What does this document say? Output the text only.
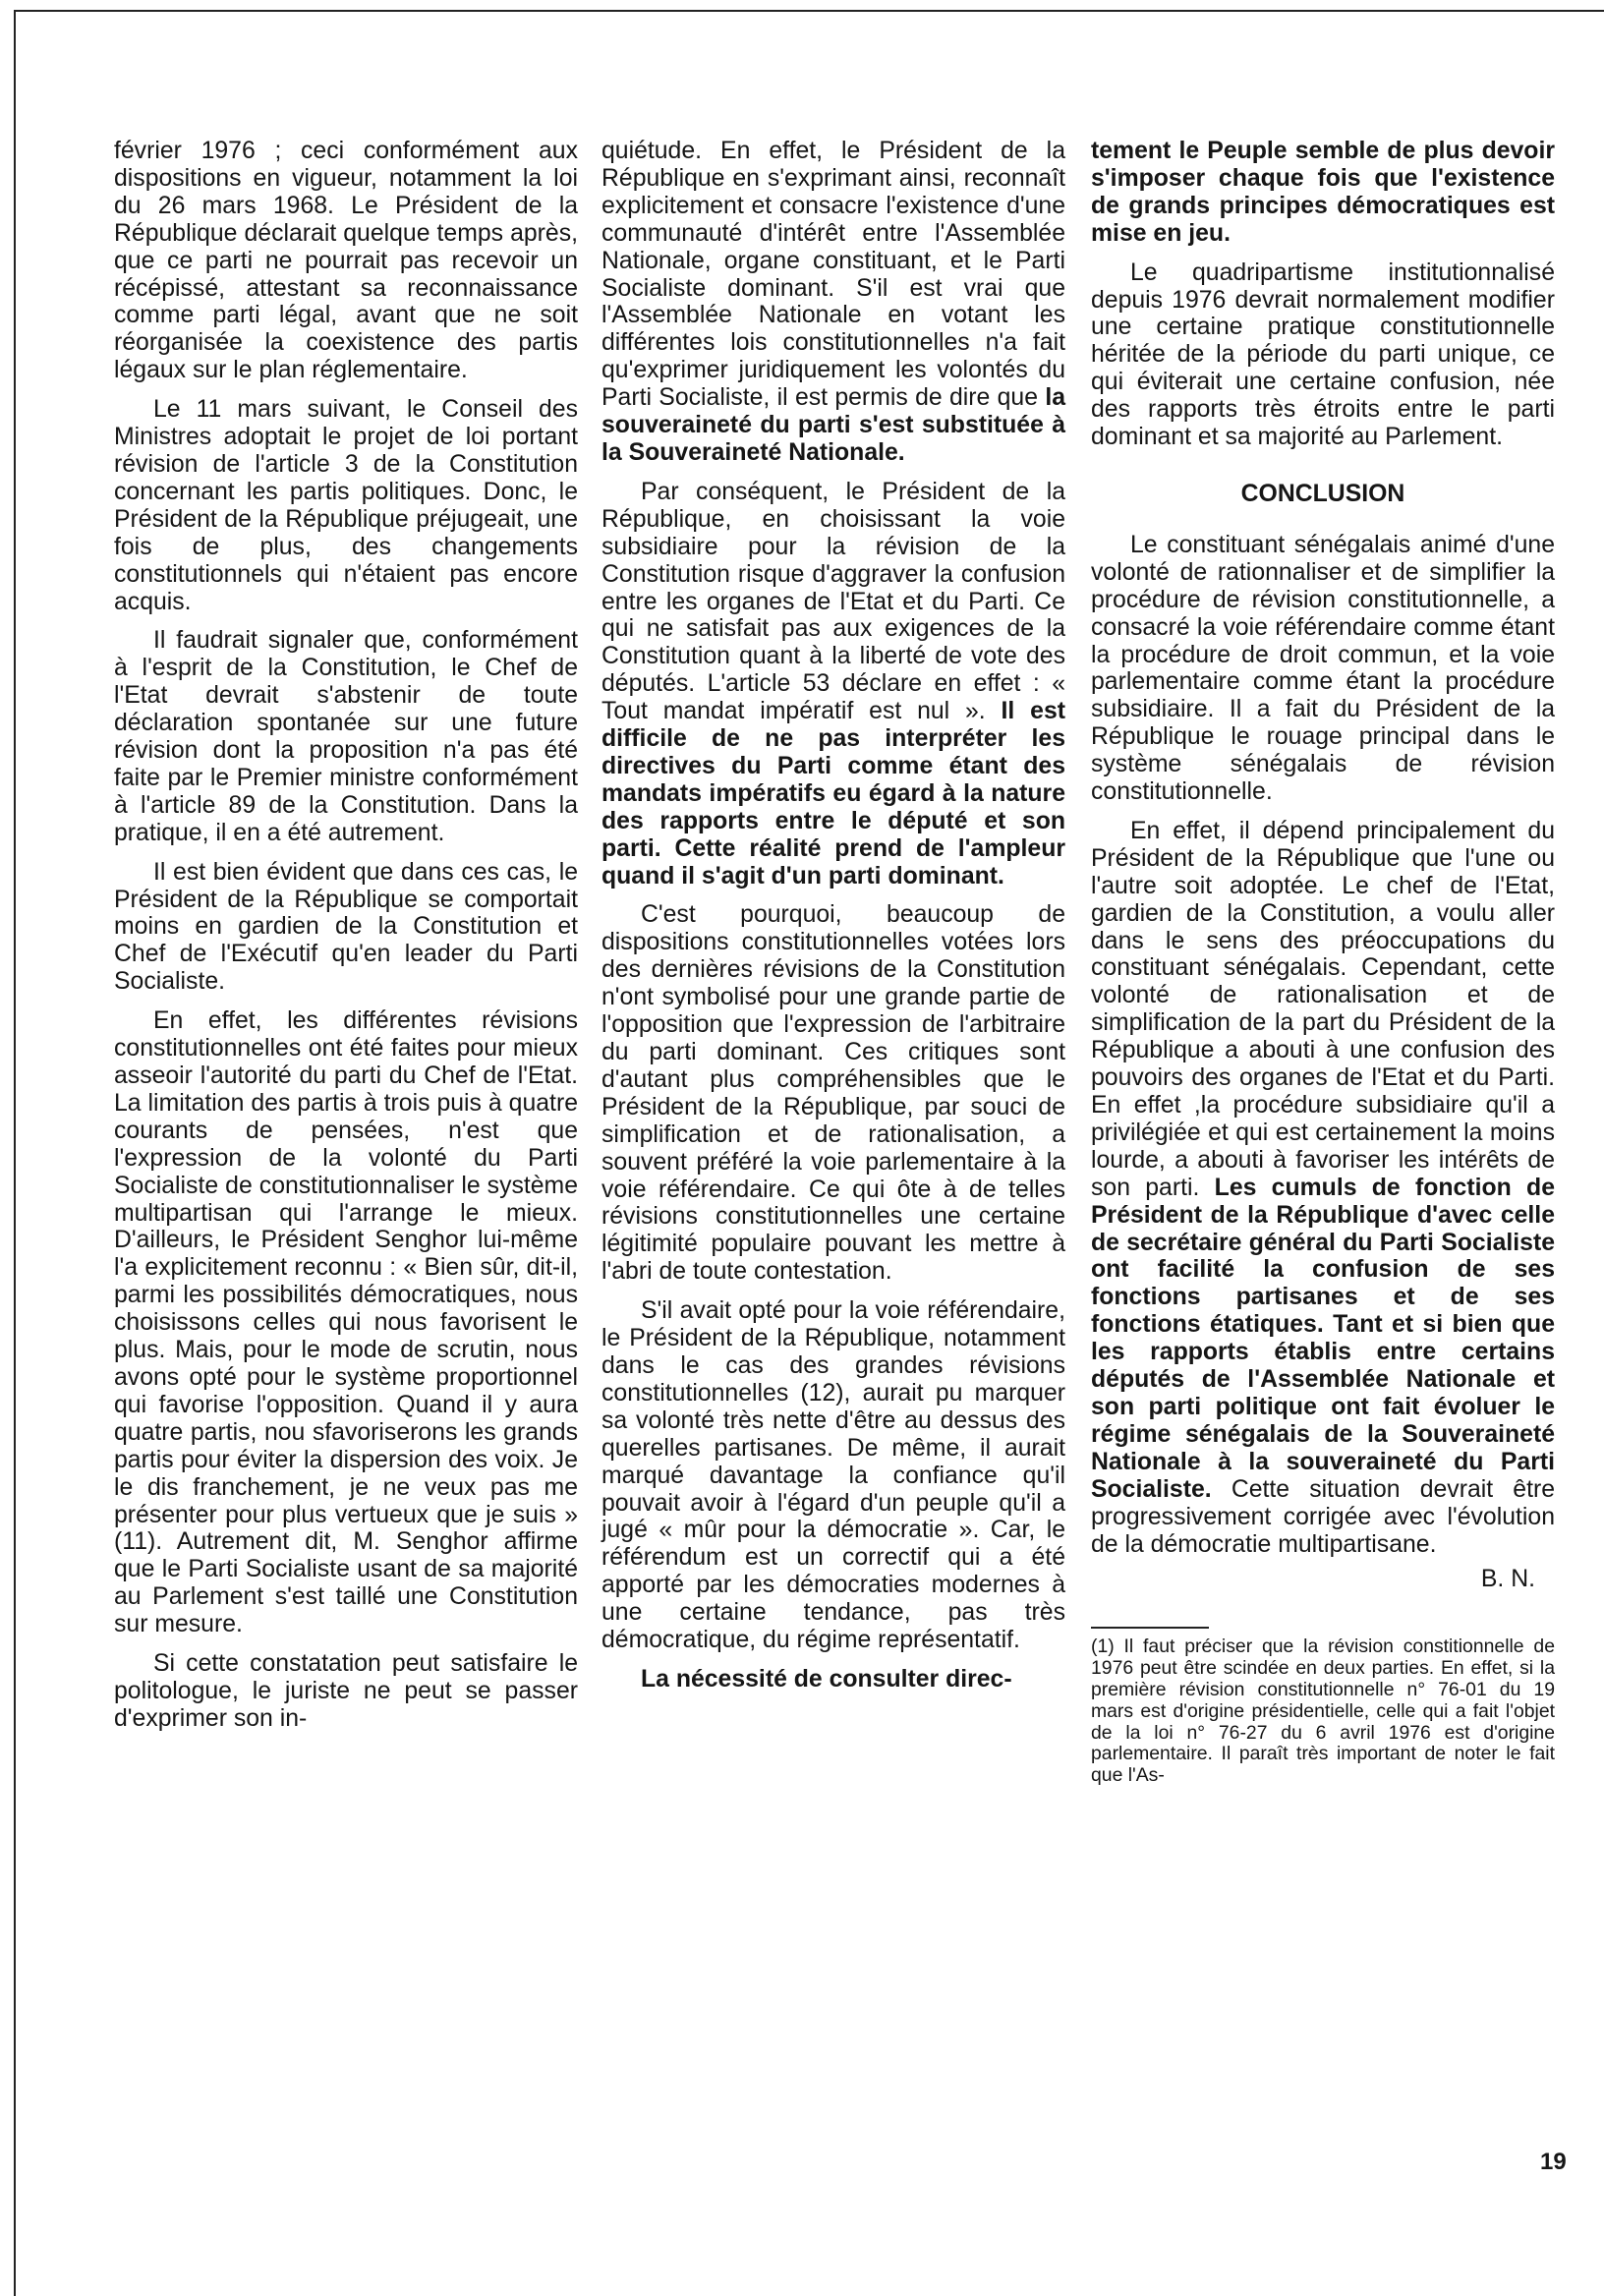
février 1976 ; ceci conformément aux dispositions en vigueur, notamment la loi du 26 mars 1968. Le Président de la République déclarait quelque temps après, que ce parti ne pourrait pas recevoir un récépissé, attestant sa reconnaissance comme parti légal, avant que ne soit réorganisée la coexistence des partis légaux sur le plan réglementaire.

Le 11 mars suivant, le Conseil des Ministres adoptait le projet de loi portant révision de l'article 3 de la Constitution concernant les partis politiques. Donc, le Président de la République préjugeait, une fois de plus, des changements constitutionnels qui n'étaient pas encore acquis.

Il faudrait signaler que, conformément à l'esprit de la Constitution, le Chef de l'Etat devrait s'abstenir de toute déclaration spontanée sur une future révision dont la proposition n'a pas été faite par le Premier ministre conformément à l'article 89 de la Constitution. Dans la pratique, il en a été autrement.

Il est bien évident que dans ces cas, le Président de la République se comportait moins en gardien de la Constitution et Chef de l'Exécutif qu'en leader du Parti Socialiste.

En effet, les différentes révisions constitutionnelles ont été faites pour mieux asseoir l'autorité du parti du Chef de l'Etat. La limitation des partis à trois puis à quatre courants de pensées, n'est que l'expression de la volonté du Parti Socialiste de constitutionnaliser le système multipartisan qui l'arrange le mieux. D'ailleurs, le Président Senghor lui-même l'a explicitement reconnu : « Bien sûr, dit-il, parmi les possibilités démocratiques, nous choisissons celles qui nous favorisent le plus. Mais, pour le mode de scrutin, nous avons opté pour le système proportionnel qui favorise l'opposition. Quand il y aura quatre partis, nou sfavoriserons les grands partis pour éviter la dispersion des voix. Je le dis franchement, je ne veux pas me présenter pour plus vertueux que je suis » (11). Autrement dit, M. Senghor affirme que le Parti Socialiste usant de sa majorité au Parlement s'est taillé une Constitution sur mesure.

Si cette constatation peut satisfaire le politologue, le juriste ne peut se passer d'exprimer son in-

quiétude. En effet, le Président de la République en s'exprimant ainsi, reconnaît explicitement et consacre l'existence d'une communauté d'intérêt entre l'Assemblée Nationale, organe constituant, et le Parti Socialiste dominant. S'il est vrai que l'Assemblée Nationale en votant les différentes lois constitutionnelles n'a fait qu'exprimer juridiquement les volontés du Parti Socialiste, il est permis de dire que la souveraineté du parti s'est substituée à la Souveraineté Nationale.

Par conséquent, le Président de la République, en choisissant la voie subsidiaire pour la révision de la Constitution risque d'aggraver la confusion entre les organes de l'Etat et du Parti. Ce qui ne satisfait pas aux exigences de la Constitution quant à la liberté de vote des députés. L'article 53 déclare en effet : « Tout mandat impératif est nul ». Il est difficile de ne pas interpréter les directives du Parti comme étant des mandats impératifs eu égard à la nature des rapports entre le député et son parti. Cette réalité prend de l'ampleur quand il s'agit d'un parti dominant.

C'est pourquoi, beaucoup de dispositions constitutionnelles votées lors des dernières révisions de la Constitution n'ont symbolisé pour une grande partie de l'opposition que l'expression de l'arbitraire du parti dominant. Ces critiques sont d'autant plus compréhensibles que le Président de la République, par souci de simplification et de rationalisation, a souvent préféré la voie parlementaire à la voie référendaire. Ce qui ôte à de telles révisions constitutionnelles une certaine légitimité populaire pouvant les mettre à l'abri de toute contestation.

S'il avait opté pour la voie référendaire, le Président de la République, notamment dans le cas des grandes révisions constitutionnelles (12), aurait pu marquer sa volonté très nette d'être au dessus des querelles partisanes. De même, il aurait marqué davantage la confiance qu'il pouvait avoir à l'égard d'un peuple qu'il a jugé « mûr pour la démocratie ». Car, le référendum est un correctif qui a été apporté par les démocraties modernes à une certaine tendance, pas très démocratique, du régime représentatif.

La nécessité de consulter direc-

tement le Peuple semble de plus devoir s'imposer chaque fois que l'existence de grands principes démocratiques est mise en jeu.

Le quadripartisme institutionnalisé depuis 1976 devrait normalement modifier une certaine pratique constitutionnelle héritée de la période du parti unique, ce qui éviterait une certaine confusion, née des rapports très étroits entre le parti dominant et sa majorité au Parlement.

CONCLUSION

Le constituant sénégalais animé d'une volonté de rationnaliser et de simplifier la procédure de révision constitutionnelle, a consacré la voie référendaire comme étant la procédure de droit commun, et la voie parlementaire comme étant la procédure subsidiaire. Il a fait du Président de la République le rouage principal dans le système sénégalais de révision constitutionnelle.

En effet, il dépend principalement du Président de la République que l'une ou l'autre soit adoptée. Le chef de l'Etat, gardien de la Constitution, a voulu aller dans le sens des préoccupations du constituant sénégalais. Cependant, cette volonté de rationalisation et de simplification de la part du Président de la République a abouti à une confusion des pouvoirs des organes de l'Etat et du Parti. En effet ,la procédure subsidiaire qu'il a privilégiée et qui est certainement la moins lourde, a abouti à favoriser les intérêts de son parti. Les cumuls de fonction de Président de la République d'avec celle de secrétaire général du Parti Socialiste ont facilité la confusion de ses fonctions partisanes et de ses fonctions étatiques. Tant et si bien que les rapports établis entre certains députés de l'Assemblée Nationale et son parti politique ont fait évoluer le régime sénégalais de la Souveraineté Nationale à la souveraineté du Parti Socialiste. Cette situation devrait être progressivement corrigée avec l'évolution de la démocratie multipartisane.

B. N.

(1) Il faut préciser que la révision constitionnelle de 1976 peut être scindée en deux parties. En effet, si la première révision constitutionnelle n° 76-01 du 19 mars est d'origine présidentielle, celle qui a fait l'objet de la loi n° 76-27 du 6 avril 1976 est d'origine parlementaire. Il paraît très important de noter le fait que l'As-

19
